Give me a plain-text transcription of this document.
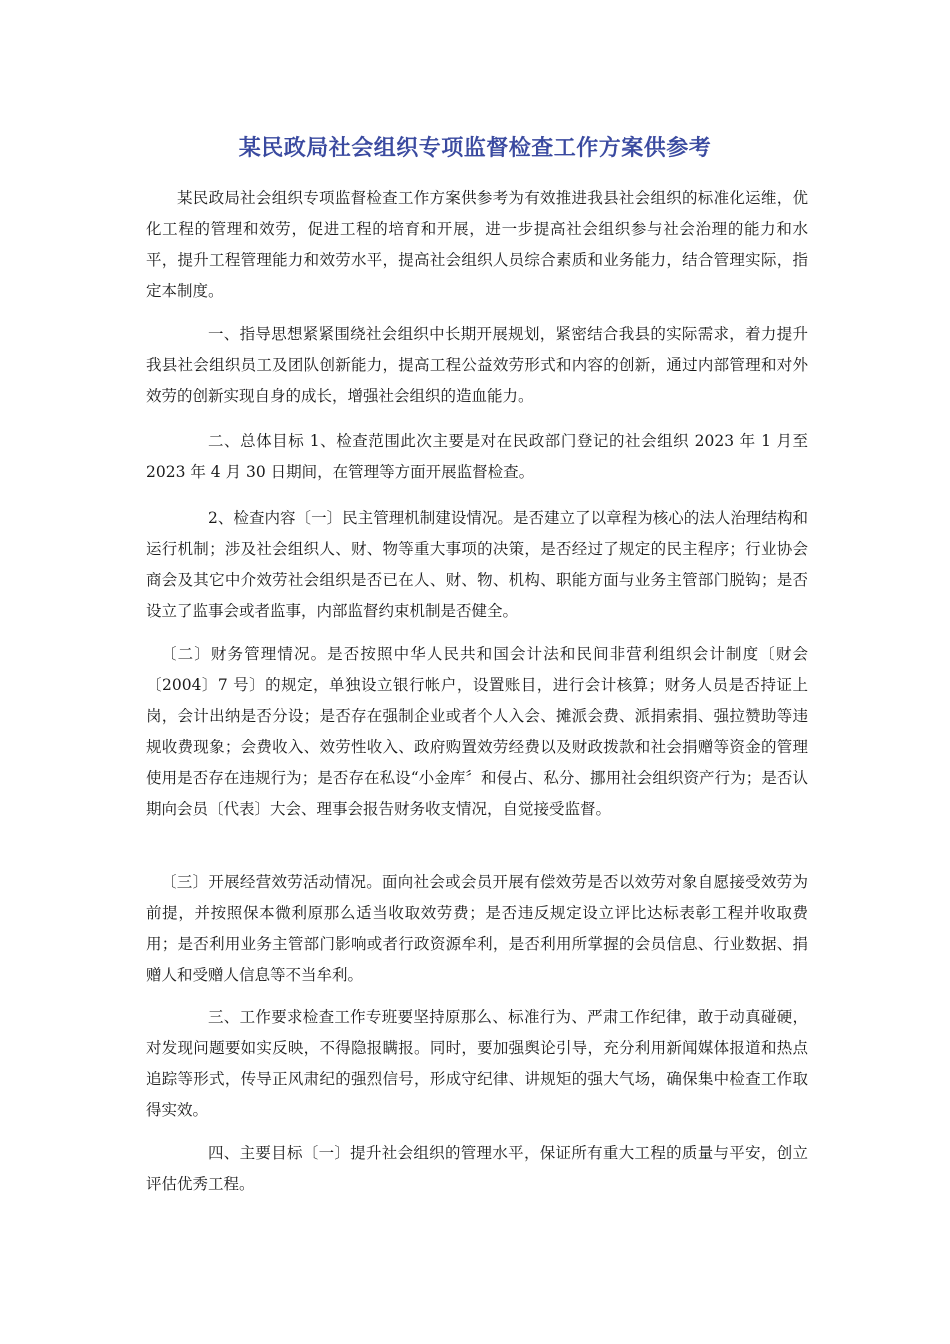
某民政局社会组织专项监督检查工作方案供参考

某民政局社会组织专项监督检查工作方案供参考为有效推进我县社会组织的标准化运维，优化工程的管理和效劳，促进工程的培育和开展，进一步提高社会组织参与社会治理的能力和水平，提升工程管理能力和效劳水平，提高社会组织人员综合素质和业务能力，结合管理实际，指定本制度。

一、指导思想紧紧围绕社会组织中长期开展规划，紧密结合我县的实际需求，着力提升我县社会组织员工及团队创新能力，提高工程公益效劳形式和内容的创新，通过内部管理和对外效劳的创新实现自身的成长，增强社会组织的造血能力。

二、总体目标 1、检查范围此次主要是对在民政部门登记的社会组织 2023 年 1 月至 2023 年 4 月 30 日期间，在管理等方面开展监督检查。

2、检查内容〔一〕民主管理机制建设情况。是否建立了以章程为核心的法人治理结构和运行机制；涉及社会组织人、财、物等重大事项的决策，是否经过了规定的民主程序；行业协会商会及其它中介效劳社会组织是否已在人、财、物、机构、职能方面与业务主管部门脱钩；是否设立了监事会或者监事，内部监督约束机制是否健全。

〔二〕财务管理情况。是否按照中华人民共和国会计法和民间非营利组织会计制度〔财会〔2004〕7 号〕的规定，单独设立银行帐户，设置账目，进行会计核算；财务人员是否持证上岗，会计出纳是否分设；是否存在强制企业或者个人入会、摊派会费、派捐索捐、强拉赞助等违规收费现象；会费收入、效劳性收入、政府购置效劳经费以及财政拨款和社会捐赠等资金的管理使用是否存在违规行为；是否存在私设“小金库〞和侵占、私分、挪用社会组织资产行为；是否认期向会员〔代表〕大会、理事会报告财务收支情况，自觉接受监督。

〔三〕开展经营效劳活动情况。面向社会或会员开展有偿效劳是否以效劳对象自愿接受效劳为前提，并按照保本微利原那么适当收取效劳费；是否违反规定设立评比达标表彰工程并收取费用；是否利用业务主管部门影响或者行政资源牟利，是否利用所掌握的会员信息、行业数据、捐赠人和受赠人信息等不当牟利。

三、工作要求检查工作专班要坚持原那么、标准行为、严肃工作纪律，敢于动真碰硬，对发现问题要如实反映，不得隐报瞒报。同时，要加强舆论引导，充分利用新闻媒体报道和热点追踪等形式，传导正风肃纪的强烈信号，形成守纪律、讲规矩的强大气场，确保集中检查工作取得实效。

四、主要目标〔一〕提升社会组织的管理水平，保证所有重大工程的质量与平安，创立评估优秀工程。
